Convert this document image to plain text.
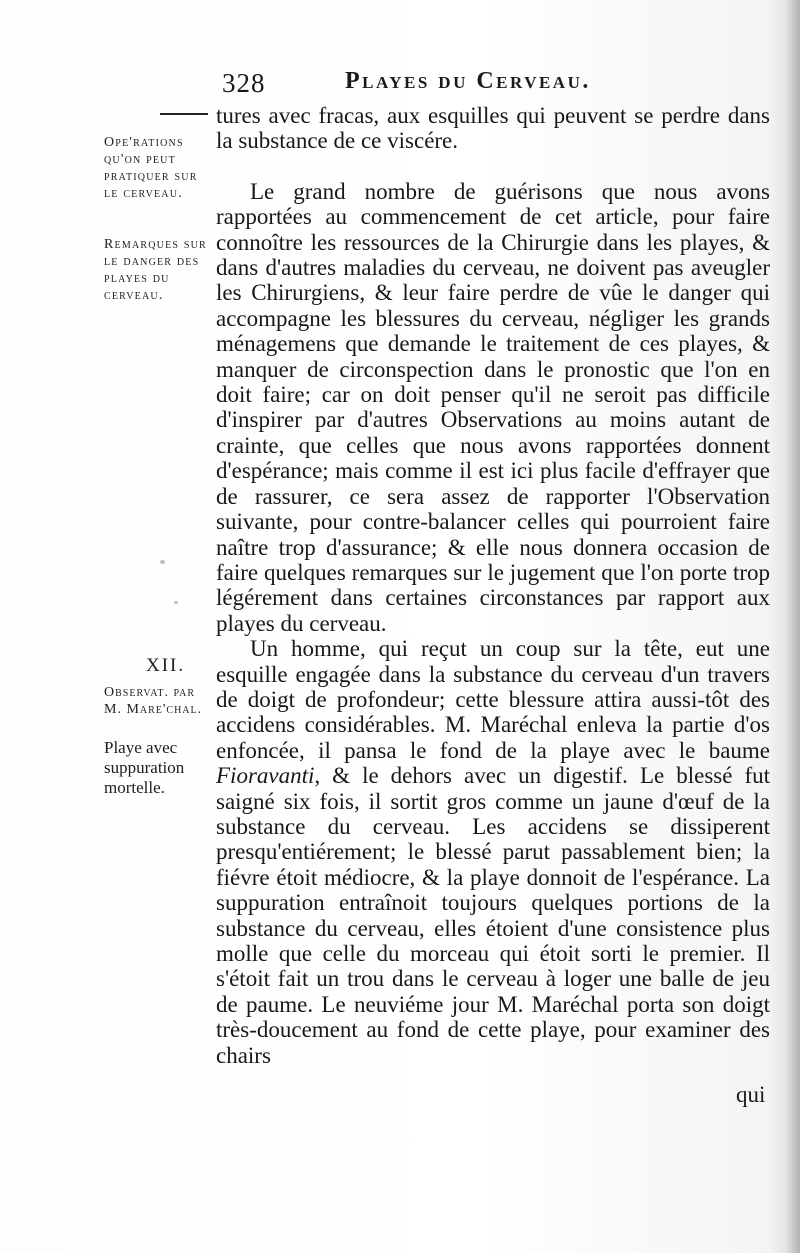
328	Playes du Cerveau.
Ope'rations qu'on peut pratiquer sur le cerveau.
Remarques sur le danger des playes du cerveau.
XII.
Observat. par M. Mare'chal.
Playe avec suppuration mortelle.

tures avec fracas, aux esquilles qui peuvent se perdre dans la substance de ce viscére.

Le grand nombre de guérisons que nous avons rapportées au commencement de cet article, pour faire connoître les ressources de la Chirurgie dans les playes, & dans d'autres maladies du cerveau, ne doivent pas aveugler les Chirurgiens, & leur faire perdre de vûe le danger qui accompagne les blessures du cerveau, négliger les grands ménagemens que demande le traitement de ces playes, & manquer de circonspection dans le pronostic que l'on en doit faire; car on doit penser qu'il ne seroit pas difficile d'inspirer par d'autres Observations au moins autant de crainte, que celles que nous avons rapportées donnent d'espérance; mais comme il est ici plus facile d'effrayer que de rassurer, ce sera assez de rapporter l'Observation suivante, pour contre-balancer celles qui pourroient faire naître trop d'assurance; & elle nous donnera occasion de faire quelques remarques sur le jugement que l'on porte trop légérement dans certaines circonstances par rapport aux playes du cerveau.

Un homme, qui reçut un coup sur la tête, eut une esquille engagée dans la substance du cerveau d'un travers de doigt de profondeur; cette blessure attira aussi-tôt des accidens considérables. M. Maréchal enleva la partie d'os enfoncée, il pansa le fond de la playe avec le baume Fioravanti, & le dehors avec un digestif. Le blessé fut saigné six fois, il sortit gros comme un jaune d'œuf de la substance du cerveau. Les accidens se dissiperent presqu'entiérement; le blessé parut passablement bien; la fiévre étoit médiocre, & la playe donnoit de l'espérance. La suppuration entraînoit toujours quelques portions de la substance du cerveau, elles étoient d'une consistence plus molle que celle du morceau qui étoit sorti le premier. Il s'étoit fait un trou dans le cerveau à loger une balle de jeu de paume. Le neuviéme jour M. Maréchal porta son doigt très-doucement au fond de cette playe, pour examiner des chairs

qui
